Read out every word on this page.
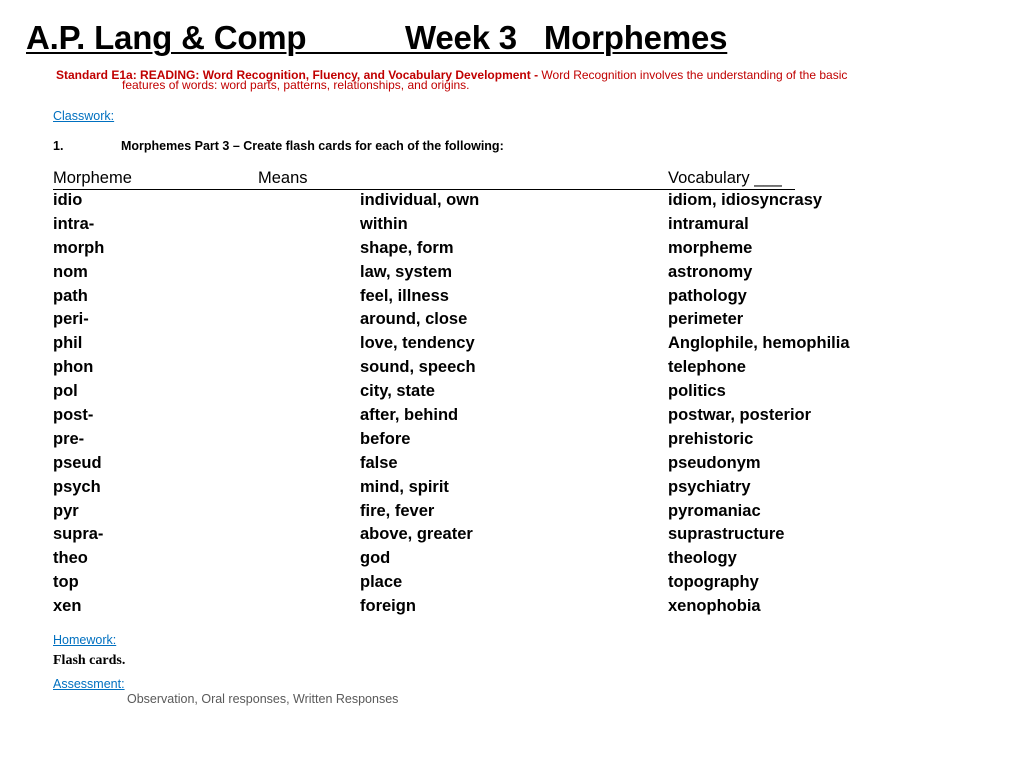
A.P. Lang & Comp           Week 3   Morphemes
Standard E1a: READING: Word Recognition, Fluency, and Vocabulary Development - Word Recognition involves the understanding of the basic
features of words: word parts, patterns, relationships, and origins.
Classwork:
1.	Morphemes Part 3 – Create flash cards for each of the following:
Morpheme	Means	Vocabulary ___
idio	individual, own	idiom, idiosyncrasy
intra-	within	intramural
morph	shape, form	morpheme
nom	law, system	astronomy
path	feel, illness	pathology
peri-	around, close	perimeter
phil	love, tendency	Anglophile, hemophilia
phon	sound, speech	telephone
pol	city, state	politics
post-	after, behind	postwar, posterior
pre-	before	prehistoric
pseud	false	pseudonym
psych	mind, spirit	psychiatry
pyr	fire, fever	pyromaniac
supra-	above, greater	suprastructure
theo	god	theology
top	place	topography
xen	foreign	xenophobia
Homework:
Flash cards.
Assessment:
Observation, Oral responses, Written Responses
